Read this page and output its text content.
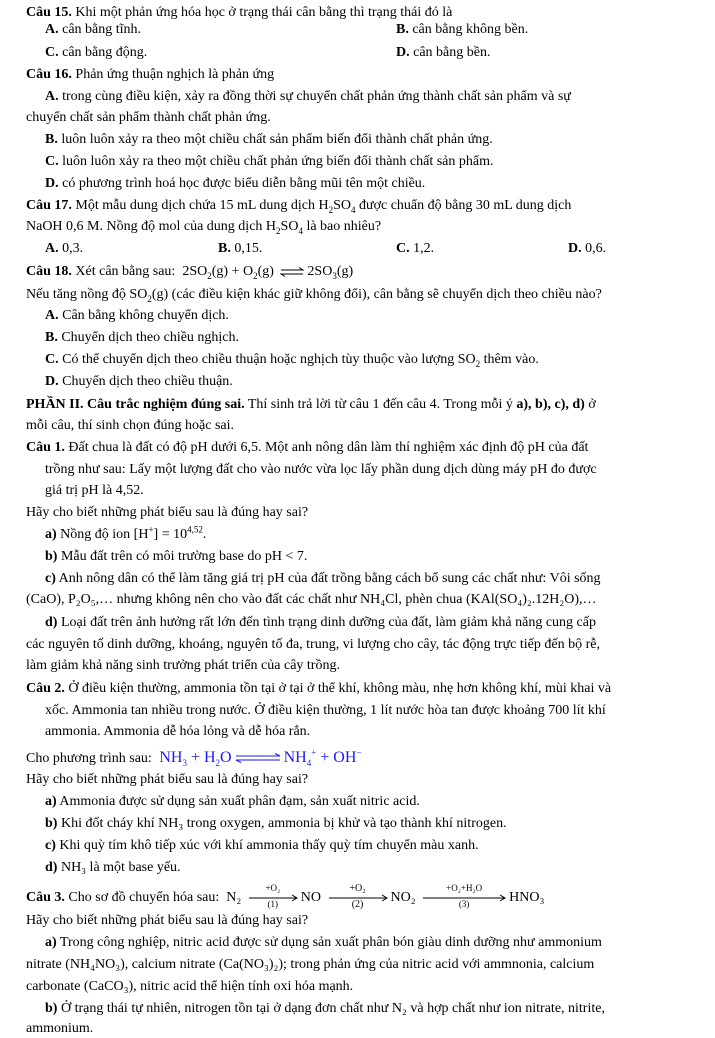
Câu 15. Khi một phản ứng hóa học ở trạng thái cân bằng thì trạng thái đó là
A. cân bằng tĩnh.	B. cân bằng không bền.
C. cân bằng động.	D. cân bằng bền.
Câu 16. Phản ứng thuận nghịch là phản ứng
A. trong cùng điều kiện, xảy ra đồng thời sự chuyển chất phản ứng thành chất sản phẩm và sự
chuyển chất sản phẩm thành chất phản ứng.
B. luôn luôn xảy ra theo một chiều chất sản phẩm biến đổi thành chất phản ứng.
C. luôn luôn xảy ra theo một chiều chất phản ứng biến đổi thành chất sản phẩm.
D. có phương trình hoá học được biểu diễn bằng mũi tên một chiều.
Câu 17. Một mẫu dung dịch chứa 15 mL dung dịch $H_2SO_4$ được chuẩn độ bằng 30 mL dung dịch
NaOH 0,6 M. Nồng độ mol của dung dịch $H_2SO_4$ là bao nhiêu?
A. 0,3.	B. 0,15.	C. 1,2.	D. 0,6.
Câu 18. Xét cân bằng sau: $2SO_2(g) + O_2(g)$ ⇌ $2SO_3(g)$
Nếu tăng nồng độ $SO_2(g)$ (các điều kiện khác giữ không đổi), cân bằng sẽ chuyển dịch theo chiều nào?
A. Cân bằng không chuyển dịch.
B. Chuyển dịch theo chiều nghịch.
C. Có thể chuyển dịch theo chiều thuận hoặc nghịch tùy thuộc vào lượng $SO_2$ thêm vào.
D. Chuyển dịch theo chiều thuận.
PHẦN II. Câu trắc nghiệm đúng sai. Thí sinh trả lời từ câu 1 đến câu 4. Trong mỗi ý a), b), c), d) ở
mỗi câu, thí sinh chọn đúng hoặc sai.
Câu 1. Đất chua là đất có độ pH dưới 6,5. Một anh nông dân làm thí nghiệm xác định độ pH của đất
trồng như sau: Lấy một lượng đất cho vào nước vừa lọc lấy phần dung dịch dùng máy pH đo được
giá trị pH là 4,52.
Hãy cho biết những phát biểu sau là đúng hay sai?
a) Nồng độ ion $[H^+] = 10^{4,52}$.
b) Mẫu đất trên có môi trường base do pH < 7.
c) Anh nông dân có thể làm tăng giá trị pH của đất trồng bằng cách bổ sung các chất như: Vôi sống
(CaO), P₂O₅,… nhưng không nên cho vào đất các chất như NH₄Cl, phèn chua (KAl(SO₄)₂.12H₂O),…
d) Loại đất trên ảnh hưởng rất lớn đến tình trạng dinh dưỡng của đất, làm giảm khả năng cung cấp
các nguyên tố dinh dưỡng, khoáng, nguyên tố đa, trung, vi lượng cho cây, tác động trực tiếp đến bộ rễ,
làm giảm khả năng sinh trưởng phát triển của cây trồng.
Câu 2. Ở điều kiện thường, ammonia tồn tại ở tại ở thể khí, không màu, nhẹ hơn không khí, mùi khai và
xốc. Ammonia tan nhiều trong nước. Ở điều kiện thường, 1 lít nước hòa tan được khoảng 700 lít khí
ammonia. Ammonia dễ hóa lỏng và dễ hóa rắn.
Cho phương trình sau:  $NH_3 + H_2O$ ⇌ $NH_4^+ + OH^-$
Hãy cho biết những phát biểu sau là đúng hay sai?
a) Ammonia được sử dụng sản xuất phân đạm, sản xuất nitric acid.
b) Khi đốt cháy khí NH₃ trong oxygen, ammonia bị khử và tạo thành khí nitrogen.
c) Khi quỳ tím khô tiếp xúc với khí ammonia thấy quỳ tím chuyển màu xanh.
d) NH₃ là một base yếu.
Câu 3. Cho sơ đồ chuyển hóa sau: N₂
+O₂
(1)	NO
+O₂
(2)	NO₂
+O₂+H₂O
(3)	HNO₃
Hãy cho biết những phát biểu sau là đúng hay sai?
a) Trong công nghiệp, nitric acid được sử dụng sản xuất phân bón giàu dinh dưỡng như ammonium
nitrate (NH₄NO₃), calcium nitrate (Ca(NO₃)₂); trong phản ứng của nitric acid với ammnonia, calcium
carbonate (CaCO₃), nitric acid thể hiện tính oxi hóa mạnh.
b) Ở trạng thái tự nhiên, nitrogen tồn tại ở dạng đơn chất như N₂ và hợp chất như ion nitrate, nitrite,
ammonium.
